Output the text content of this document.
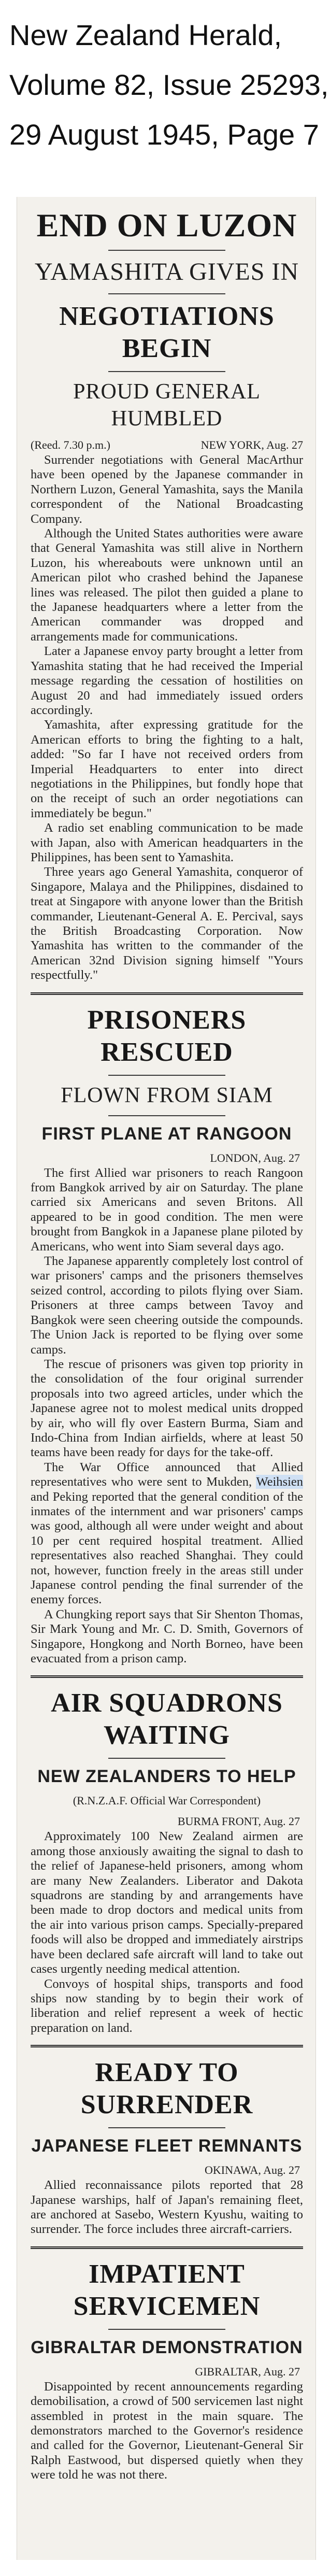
New Zealand Herald,
Volume 82, Issue 25293,
29 August 1945, Page 7
END ON LUZON
YAMASHITA GIVES IN
NEGOTIATIONS BEGIN
PROUD GENERAL HUMBLED
(Reed. 7.30 p.m.)	NEW YORK, Aug. 27

Surrender negotiations with General MacArthur have been opened by the Japanese commander in Northern Luzon, General Yamashita, says the Manila correspondent of the National Broadcasting Company.

Although the United States authorities were aware that General Yamashita was still alive in Northern Luzon, his whereabouts were unknown until an American pilot who crashed behind the Japanese lines was released. The pilot then guided a plane to the Japanese headquarters where a letter from the American commander was dropped and arrangements made for communications.

Later a Japanese envoy party brought a letter from Yamashita stating that he had received the Imperial message regarding the cessation of hostilities on August 20 and had immediately issued orders accordingly.

Yamashita, after expressing gratitude for the American efforts to bring the fighting to a halt, added: "So far I have not received orders from Imperial Headquarters to enter into direct negotiations in the Philippines, but fondly hope that on the receipt of such an order negotiations can immediately be begun."

A radio set enabling communication to be made with Japan, also with American headquarters in the Philippines, has been sent to Yamashita.

Three years ago General Yamashita, conqueror of Singapore, Malaya and the Philippines, disdained to treat at Singapore with anyone lower than the British commander, Lieutenant-General A. E. Percival, says the British Broadcasting Corporation. Now Yamashita has written to the commander of the American 32nd Division signing himself "Yours respectfully."

PRISONERS RESCUED
FLOWN FROM SIAM
FIRST PLANE AT RANGOON
LONDON, Aug. 27

The first Allied war prisoners to reach Rangoon from Bangkok arrived by air on Saturday. The plane carried six Americans and seven Britons. All appeared to be in good condition. The men were brought from Bangkok in a Japanese plane piloted by Americans, who went into Siam several days ago.

The Japanese apparently completely lost control of war prisoners' camps and the prisoners themselves seized control, according to pilots flying over Siam. Prisoners at three camps between Tavoy and Bangkok were seen cheering outside the compounds. The Union Jack is reported to be flying over some camps.

The rescue of prisoners was given top priority in the consolidation of the four original surrender proposals into two agreed articles, under which the Japanese agree not to molest medical units dropped by air, who will fly over Eastern Burma, Siam and Indo-China from Indian airfields, where at least 50 teams have been ready for days for the take-off.

The War Office announced that Allied representatives who were sent to Mukden, Weihsien and Peking reported that the general condition of the inmates of the internment and war prisoners' camps was good, although all were under weight and about 10 per cent required hospital treatment. Allied representatives also reached Shanghai. They could not, however, function freely in the areas still under Japanese control pending the final surrender of the enemy forces.

A Chungking report says that Sir Shenton Thomas, Sir Mark Young and Mr. C. D. Smith, Governors of Singapore, Hongkong and North Borneo, have been evacuated from a prison camp.

AIR SQUADRONS WAITING
NEW ZEALANDERS TO HELP
(R.N.Z.A.F. Official War Correspondent)
BURMA FRONT, Aug. 27

Approximately 100 New Zealand airmen are among those anxiously awaiting the signal to dash to the relief of Japanese-held prisoners, among whom are many New Zealanders. Liberator and Dakota squadrons are standing by and arrangements have been made to drop doctors and medical units from the air into various prison camps. Specially-prepared foods will also be dropped and immediately airstrips have been declared safe aircraft will land to take out cases urgently needing medical attention.

Convoys of hospital ships, transports and food ships now standing by to begin their work of liberation and relief represent a week of hectic preparation on land.

READY TO SURRENDER
JAPANESE FLEET REMNANTS
OKINAWA, Aug. 27

Allied reconnaissance pilots reported that 28 Japanese warships, half of Japan's remaining fleet, are anchored at Sasebo, Western Kyushu, waiting to surrender. The force includes three aircraft-carriers.

IMPATIENT SERVICEMEN
GIBRALTAR DEMONSTRATION
GIBRALTAR, Aug. 27

Disappointed by recent announcements regarding demobilisation, a crowd of 500 servicemen last night assembled in protest in the main square. The demonstrators marched to the Governor's residence and called for the Governor, Lieutenant-General Sir Ralph Eastwood, but dispersed quietly when they were told he was not there.
